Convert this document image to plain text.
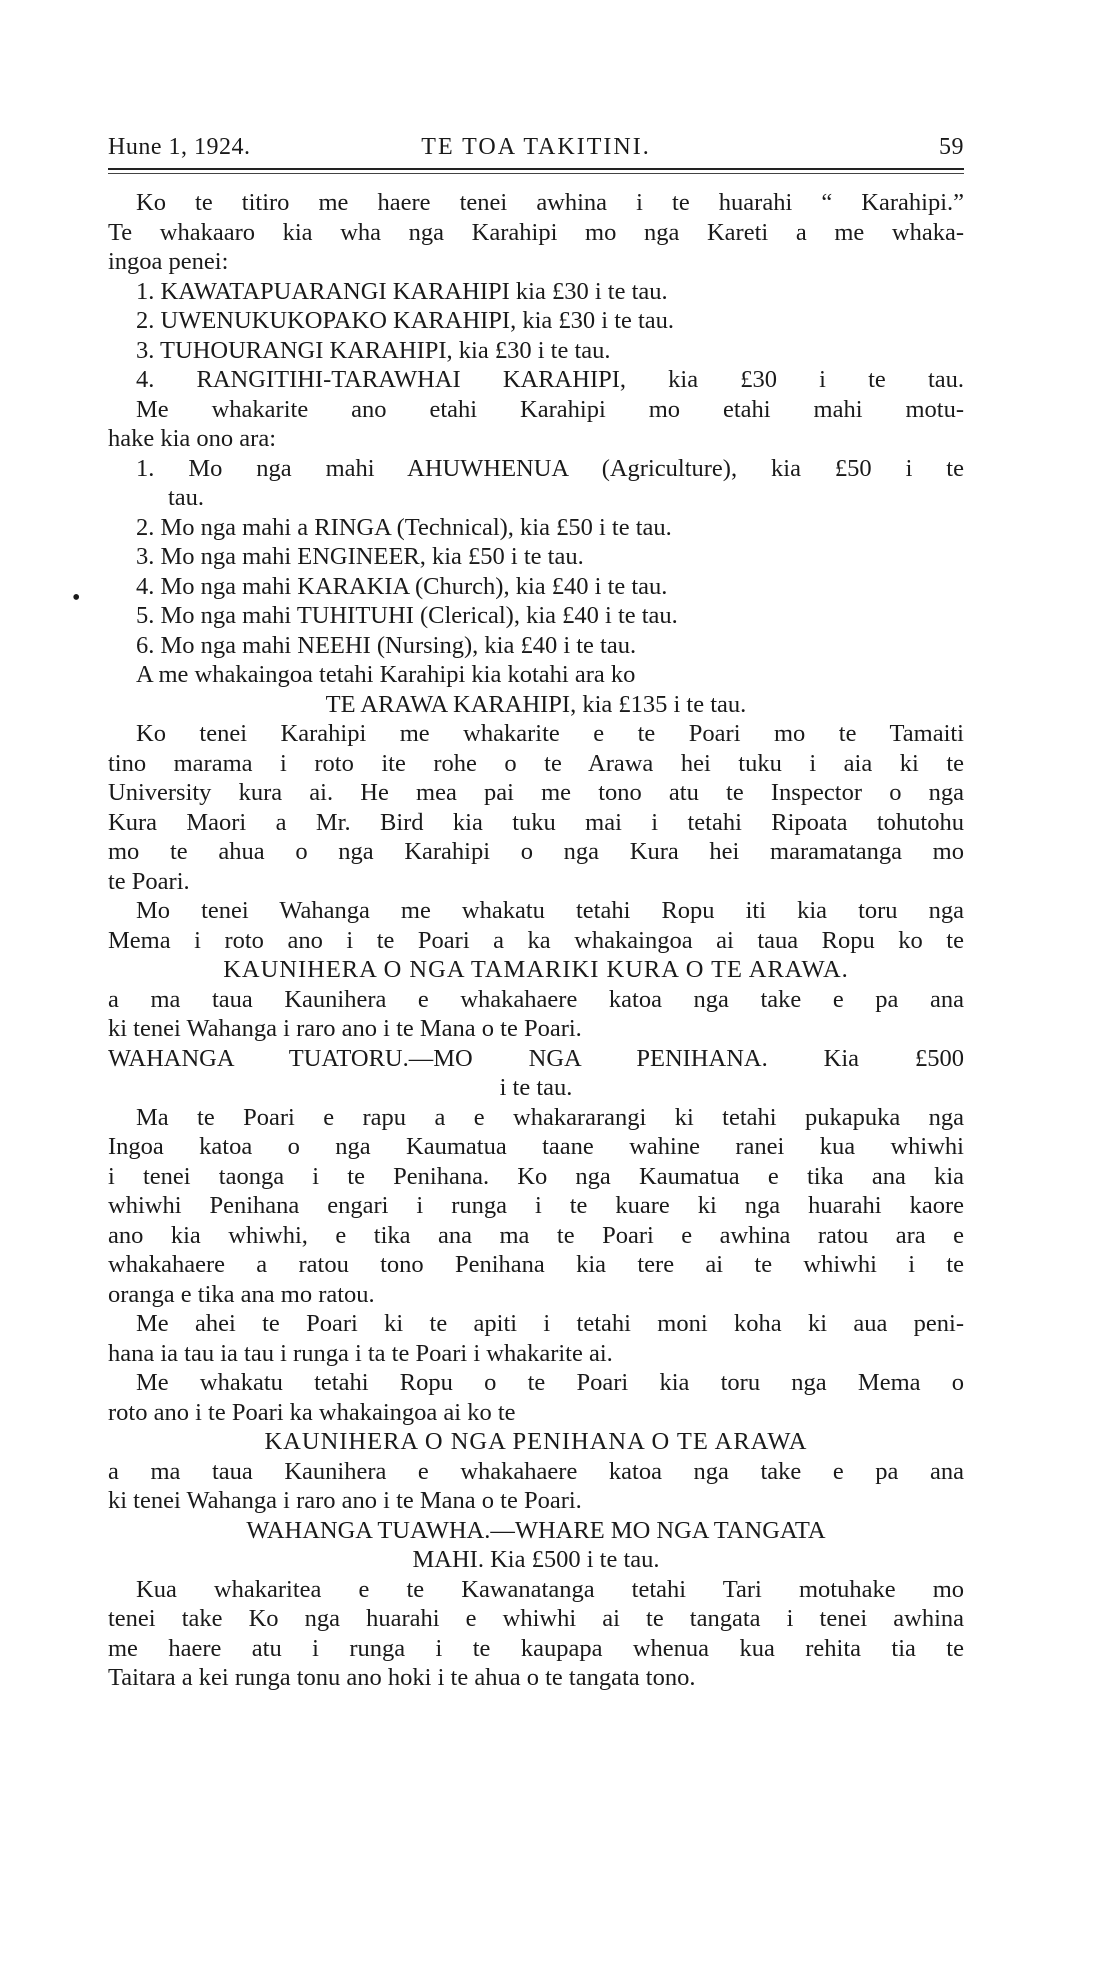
Hune 1, 1924.	TE TOA TAKITINI.	59
•
Ko te titiro me haere tenei awhina i te huarahi “ Karahipi.”
Te whakaaro kia wha nga Karahipi mo nga Kareti a me whaka-
ingoa penei:
1. KAWATAPUARANGI KARAHIPI kia £30 i te tau.
2. UWENUKUKOPAKO KARAHIPI, kia £30 i te tau.
3. TUHOURANGI KARAHIPI, kia £30 i te tau.
4. RANGITIHI-TARAWHAI KARAHIPI, kia £30 i te tau.
Me whakarite ano etahi Karahipi mo etahi mahi motu-
hake kia ono ara:
1. Mo nga mahi AHUWHENUA (Agriculture), kia £50 i te
tau.
2. Mo nga mahi a RINGA (Technical), kia £50 i te tau.
3. Mo nga mahi ENGINEER, kia £50 i te tau.
4. Mo nga mahi KARAKIA (Church), kia £40 i te tau.
5. Mo nga mahi TUHITUHI (Clerical), kia £40 i te tau.
6. Mo nga mahi NEEHI (Nursing), kia £40 i te tau.
A me whakaingoa tetahi Karahipi kia kotahi ara ko
TE ARAWA KARAHIPI, kia £135 i te tau.
Ko tenei Karahipi me whakarite e te Poari mo te Tamaiti
tino marama i roto ite rohe o te Arawa hei tuku i aia ki te
University kura ai. He mea pai me tono atu te Inspector o nga
Kura Maori a Mr. Bird kia tuku mai i tetahi Ripoata tohutohu
mo te ahua o nga Karahipi o nga Kura hei maramatanga mo
te Poari.
Mo tenei Wahanga me whakatu tetahi Ropu iti kia toru nga
Mema i roto ano i te Poari a ka whakaingoa ai taua Ropu ko te
KAUNIHERA O NGA TAMARIKI KURA O TE ARAWA.
a ma taua Kaunihera e whakahaere katoa nga take e pa ana
ki tenei Wahanga i raro ano i te Mana o te Poari.
WAHANGA TUATORU.—MO NGA PENIHANA. Kia £500
i te tau.
Ma te Poari e rapu a e whakararangi ki tetahi pukapuka nga
Ingoa katoa o nga Kaumatua taane wahine ranei kua whiwhi
i tenei taonga i te Penihana. Ko nga Kaumatua e tika ana kia
whiwhi Penihana engari i runga i te kuare ki nga huarahi kaore
ano kia whiwhi, e tika ana ma te Poari e awhina ratou ara e
whakahaere a ratou tono Penihana kia tere ai te whiwhi i te
oranga e tika ana mo ratou.
Me ahei te Poari ki te apiti i tetahi moni koha ki aua peni-
hana ia tau ia tau i runga i ta te Poari i whakarite ai.
Me whakatu tetahi Ropu o te Poari kia toru nga Mema o
roto ano i te Poari ka whakaingoa ai ko te
KAUNIHERA O NGA PENIHANA O TE ARAWA
a ma taua Kaunihera e whakahaere katoa nga take e pa ana
ki tenei Wahanga i raro ano i te Mana o te Poari.
WAHANGA TUAWHA.—WHARE MO NGA TANGATA
MAHI. Kia £500 i te tau.
Kua whakaritea e te Kawanatanga tetahi Tari motuhake mo
tenei take Ko nga huarahi e whiwhi ai te tangata i tenei awhina
me haere atu i runga i te kaupapa whenua kua rehita tia te
Taitara a kei runga tonu ano hoki i te ahua o te tangata tono.
